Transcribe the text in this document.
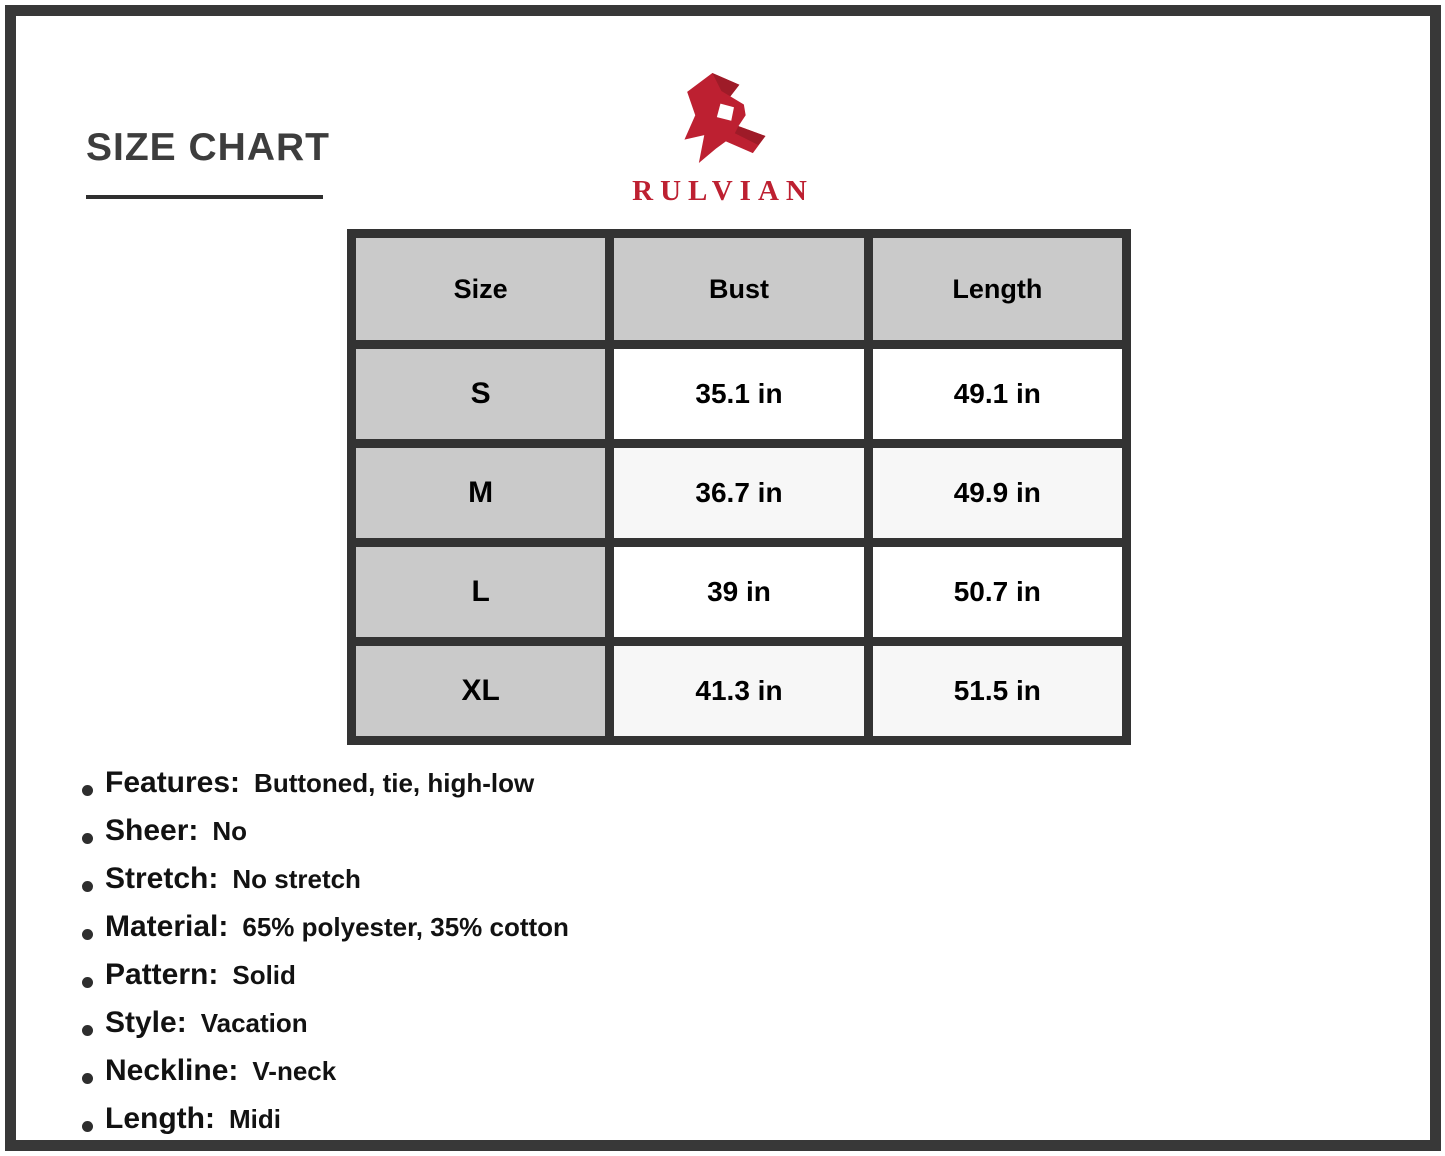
SIZE CHART
RULVIAN
Size	Bust	Length
S	35.1 in	49.1 in
M	36.7 in	49.9 in
L	39 in	50.7 in
XL	41.3 in	51.5 in
Features: Buttoned, tie, high-low
Sheer: No
Stretch: No stretch
Material: 65% polyester, 35% cotton
Pattern: Solid
Style: Vacation
Neckline: V-neck
Length: Midi
